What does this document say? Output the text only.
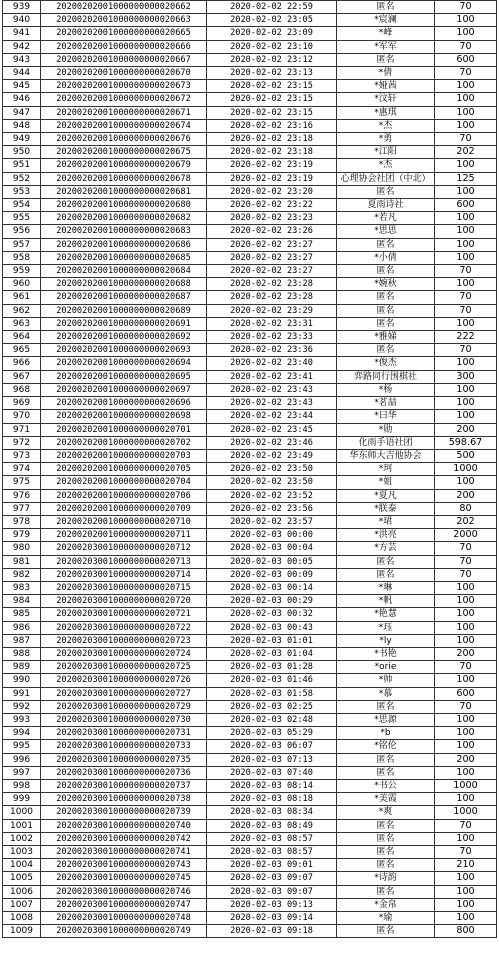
939	20200202001000000000020662	2020-02-02 22:59	匿名	70
940	20200202001000000000020663	2020-02-02 23:05	*宸澜	100
941	20200202001000000000020665	2020-02-02 23:09	*峰	100
942	20200202001000000000020666	2020-02-02 23:10	*军军	70
943	20200202001000000000020667	2020-02-02 23:12	匿名	600
944	20200202001000000000020670	2020-02-02 23:13	*倩	70
945	20200202001000000000020673	2020-02-02 23:15	*娅茜	100
946	20200202001000000000020672	2020-02-02 23:15	*汶轩	100
947	20200202001000000000020671	2020-02-02 23:15	*惠琪	100
948	20200202001000000000020674	2020-02-02 23:16	*杰	100
949	20200202001000000000020676	2020-02-02 23:18	*勇	70
950	20200202001000000000020675	2020-02-02 23:18	*江阳	202
951	20200202001000000000020679	2020-02-02 23:19	*杰	100
952	20200202001000000000020678	2020-02-02 23:19	心理协会社团（中北）	125
953	20200202001000000000020681	2020-02-02 23:20	匿名	100
954	20200202001000000000020680	2020-02-02 23:22	夏雨诗社	600
955	20200202001000000000020682	2020-02-02 23:23	*若凡	100
956	20200202001000000000020683	2020-02-02 23:26	*思思	100
957	20200202001000000000020686	2020-02-02 23:27	匿名	100
958	20200202001000000000020685	2020-02-02 23:27	*小倩	100
959	20200202001000000000020684	2020-02-02 23:27	匿名	70
960	20200202001000000000020688	2020-02-02 23:28	*婉秋	100
961	20200202001000000000020687	2020-02-02 23:28	匿名	70
962	20200202001000000000020689	2020-02-02 23:29	匿名	70
963	20200202001000000000020691	2020-02-02 23:31	匿名	100
964	20200202001000000000020692	2020-02-02 23:33	*雅娣	222
965	20200202001000000000020693	2020-02-02 23:36	匿名	70
966	20200202001000000000020694	2020-02-02 23:40	*俊杰	100
967	20200202001000000000020695	2020-02-02 23:41	弈路同行围棋社	300
968	20200202001000000000020697	2020-02-02 23:43	*杨	100
969	20200202001000000000020696	2020-02-02 23:43	*茗喆	100
970	20200202001000000000020698	2020-02-02 23:44	*曰华	100
971	20200202001000000000020701	2020-02-02 23:45	*勋	200
972	20200202001000000000020702	2020-02-02 23:46	化雨手语社团	598.67
973	20200202001000000000020703	2020-02-02 23:49	华东师大吉他协会	500
974	20200202001000000000020705	2020-02-02 23:50	*珂	1000
975	20200202001000000000020704	2020-02-02 23:50	*姐	100
976	20200202001000000000020706	2020-02-02 23:52	*夏凡	200
977	20200202001000000000020709	2020-02-02 23:56	*朕泰	80
978	20200202001000000000020710	2020-02-02 23:57	*珺	202
979	20200202001000000000020711	2020-02-03 00:00	*洪亮	2000
980	20200203001000000000020712	2020-02-03 00:04	*方芸	70
981	20200203001000000000020713	2020-02-03 00:05	匿名	70
982	20200203001000000000020714	2020-02-03 00:09	匿名	70
983	20200203001000000000020715	2020-02-03 00:14	*琳	100
984	20200203001000000000020720	2020-02-03 00:29	*帆	100
985	20200203001000000000020721	2020-02-03 00:32	*艳慧	100
986	20200203001000000000020722	2020-02-03 00:43	*珏	100
987	20200203001000000000020723	2020-02-03 01:01	*ly	100
988	20200203001000000000020724	2020-02-03 01:04	*书艳	200
989	20200203001000000000020725	2020-02-03 01:28	*orie	70
990	20200203001000000000020726	2020-02-03 01:46	*帅	100
991	20200203001000000000020727	2020-02-03 01:58	*慕	600
992	20200203001000000000020729	2020-02-03 02:25	匿名	70
993	20200203001000000000020730	2020-02-03 02:48	*思源	100
994	20200203001000000000020731	2020-02-03 05:29	*b	100
995	20200203001000000000020733	2020-02-03 06:07	*铭伦	100
996	20200203001000000000020735	2020-02-03 07:13	匿名	200
997	20200203001000000000020736	2020-02-03 07:40	匿名	100
998	20200203001000000000020737	2020-02-03 08:14	*书公	1000
999	20200203001000000000020738	2020-02-03 08:18	*美霞	100
1000	20200203001000000000020739	2020-02-03 08:34	*爽	1000
1001	20200203001000000000020740	2020-02-03 08:49	匿名	70
1002	20200203001000000000020742	2020-02-03 08:57	匿名	100
1003	20200203001000000000020741	2020-02-03 08:57	匿名	70
1004	20200203001000000000020743	2020-02-03 09:01	匿名	210
1005	20200203001000000000020745	2020-02-03 09:07	*诗韵	100
1006	20200203001000000000020746	2020-02-03 09:07	匿名	100
1007	20200203001000000000020747	2020-02-03 09:13	*金帛	100
1008	20200203001000000000020748	2020-02-03 09:14	*瑜	100
1009	20200203001000000000020749	2020-02-03 09:18	匿名	800
